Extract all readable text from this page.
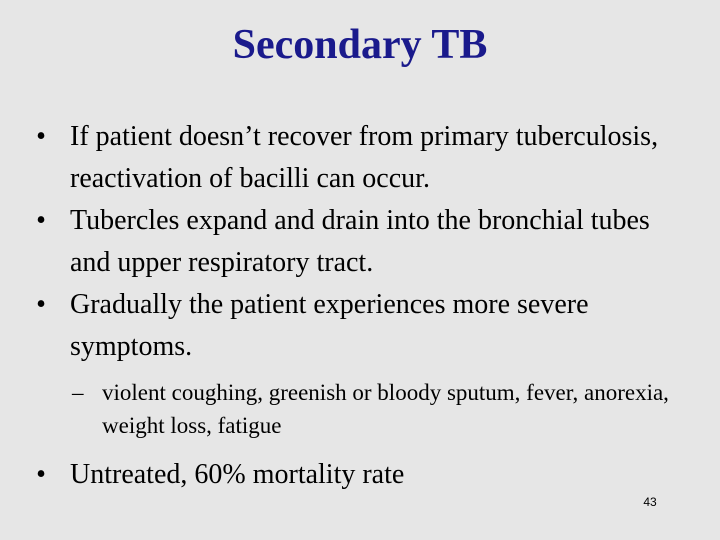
Secondary TB
• If patient doesn’t recover from primary tuberculosis, reactivation of bacilli can occur.
• Tubercles expand and drain into the bronchial tubes and upper respiratory tract.
• Gradually the patient experiences more severe symptoms.
– violent coughing, greenish or bloody sputum, fever, anorexia, weight loss, fatigue
• Untreated, 60% mortality rate
43
